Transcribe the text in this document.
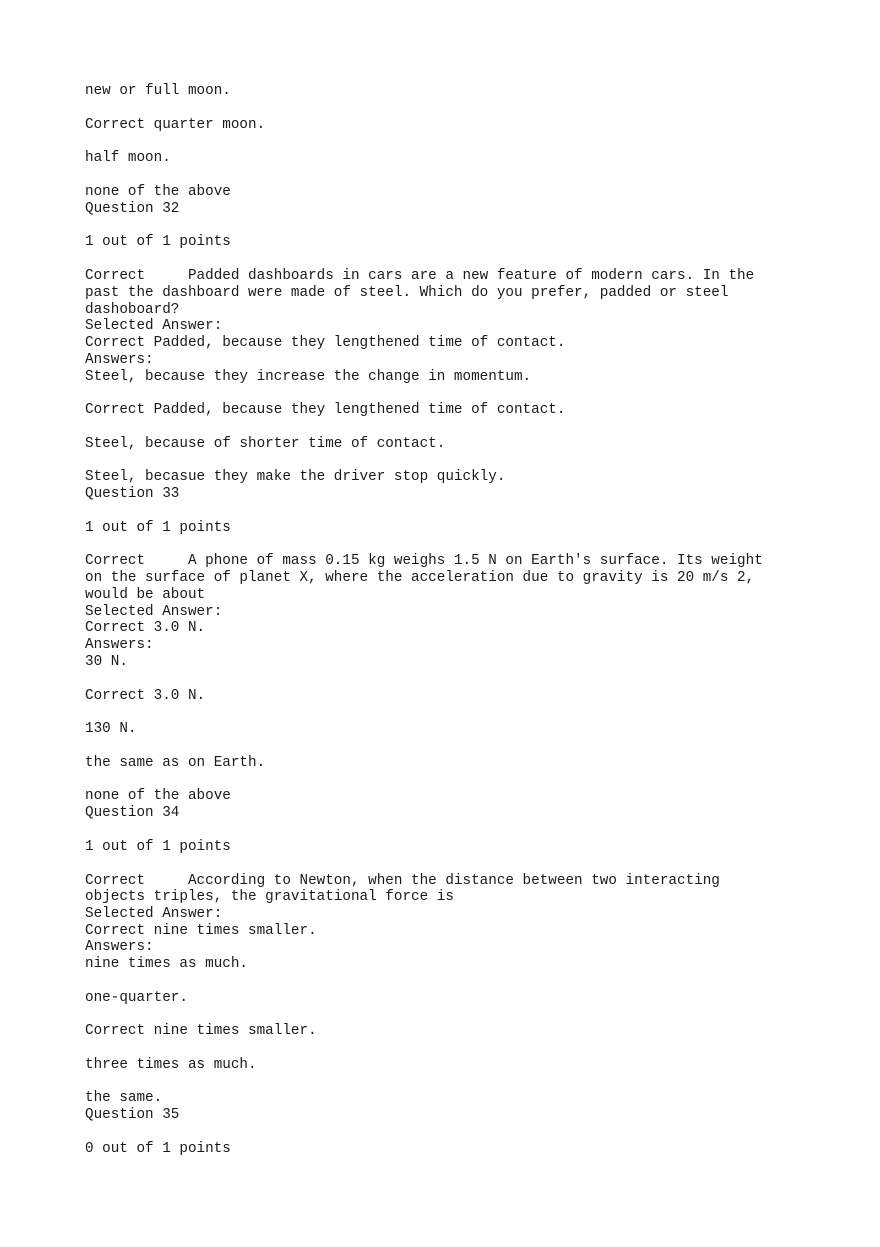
new or full moon.

Correct quarter moon.

half moon.

none of the above

Question 32

1 out of 1 points

Correct     Padded dashboards in cars are a new feature of modern cars. In the

past the dashboard were made of steel. Which do you prefer, padded or steel

dashoboard?

Selected Answer:

Correct Padded, because they lengthened time of contact.

Answers:

Steel, because they increase the change in momentum.

Correct Padded, because they lengthened time of contact.

Steel, because of shorter time of contact.

Steel, becasue they make the driver stop quickly.

Question 33

1 out of 1 points

Correct     A phone of mass 0.15 kg weighs 1.5 N on Earth's surface. Its weight

on the surface of planet X, where the acceleration due to gravity is 20 m/s 2,

would be about

Selected Answer:

Correct 3.0 N.

Answers:

30 N.

Correct 3.0 N.

130 N.

the same as on Earth.

none of the above

Question 34

1 out of 1 points

Correct     According to Newton, when the distance between two interacting

objects triples, the gravitational force is

Selected Answer:

Correct nine times smaller.

Answers:

nine times as much.

one-quarter.

Correct nine times smaller.

three times as much.

the same.

Question 35

0 out of 1 points
